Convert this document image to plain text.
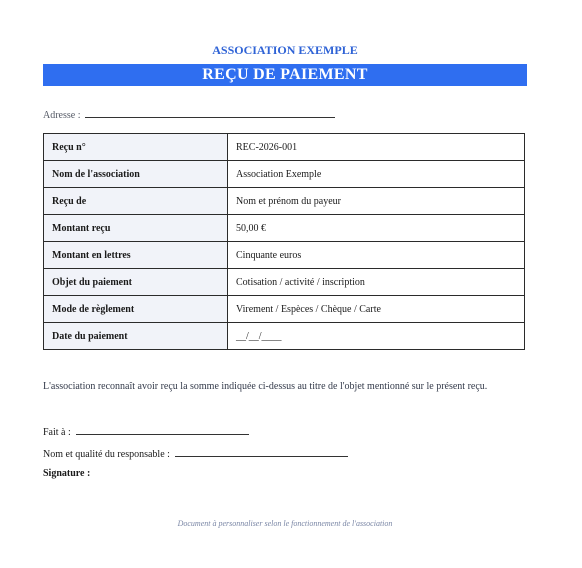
ASSOCIATION EXEMPLE
REÇU DE PAIEMENT
Adresse :
Reçu n°	REC-2026-001
Nom de l'association	Association Exemple
Reçu de	Nom et prénom du payeur
Montant reçu	50,00 €
Montant en lettres	Cinquante euros
Objet du paiement	Cotisation / activité / inscription
Mode de règlement	Virement / Espèces / Chèque / Carte
Date du paiement	__/__/____
L'association reconnaît avoir reçu la somme indiquée ci-dessus au titre de l'objet mentionné sur le présent reçu.
Fait à :
Nom et qualité du responsable :
Signature :
Document à personnaliser selon le fonctionnement de l'association
